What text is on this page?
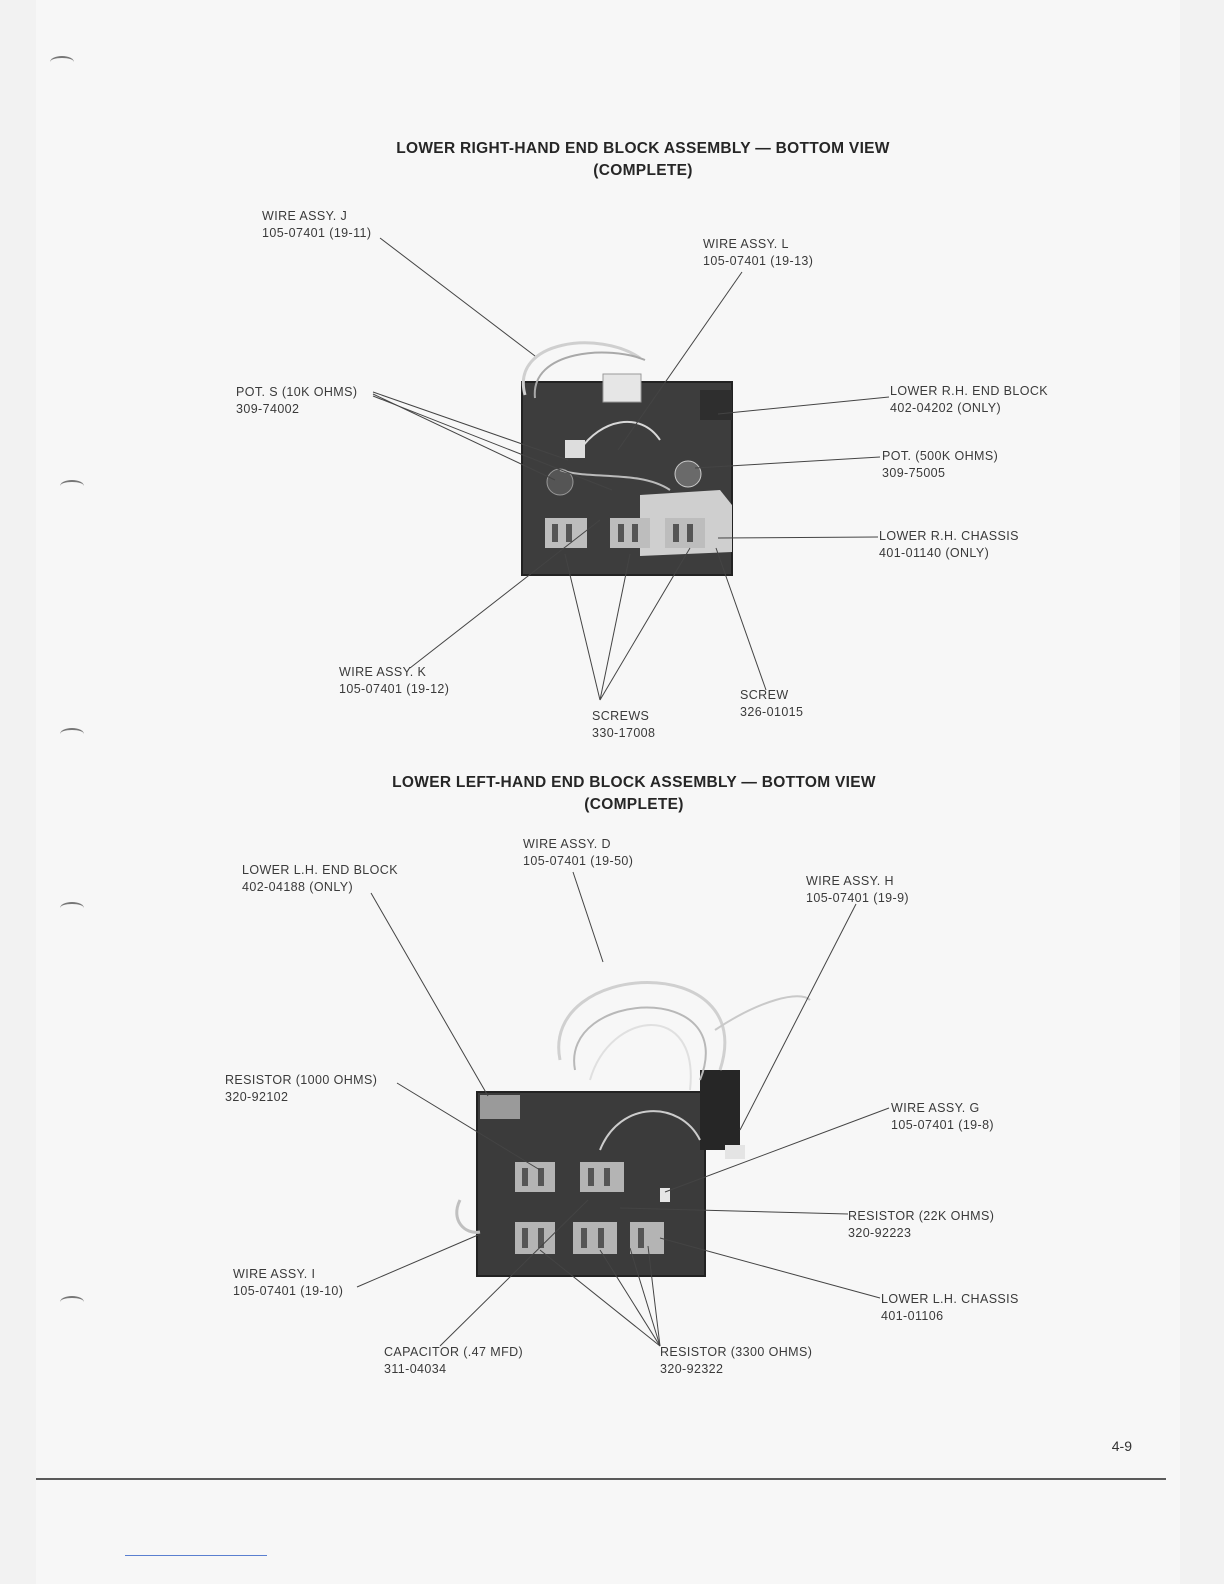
LOWER RIGHT-HAND END BLOCK ASSEMBLY — BOTTOM VIEW
(COMPLETE)
WIRE ASSY. J
105-07401 (19-11)
WIRE ASSY. L
105-07401 (19-13)
POT. S (10K OHMS)
309-74002
LOWER R.H. END BLOCK
402-04202 (ONLY)
POT. (500K OHMS)
309-75005
LOWER R.H. CHASSIS
401-01140 (ONLY)
WIRE ASSY. K
105-07401 (19-12)	SCREW
326-01015
SCREWS
330-17008
LOWER LEFT-HAND END BLOCK ASSEMBLY — BOTTOM VIEW
(COMPLETE)
WIRE ASSY. D
105-07401 (19-50)
LOWER L.H. END BLOCK
402-04188 (ONLY)	WIRE ASSY. H
105-07401 (19-9)
RESISTOR (1000 OHMS)
320-92102
WIRE ASSY. G
105-07401 (19-8)
RESISTOR (22K OHMS)
320-92223
WIRE ASSY. I
105-07401 (19-10)
LOWER L.H. CHASSIS
401-01106
CAPACITOR (.47 MFD)
311-04034
RESISTOR (3300 OHMS)
320-92322
4-9
